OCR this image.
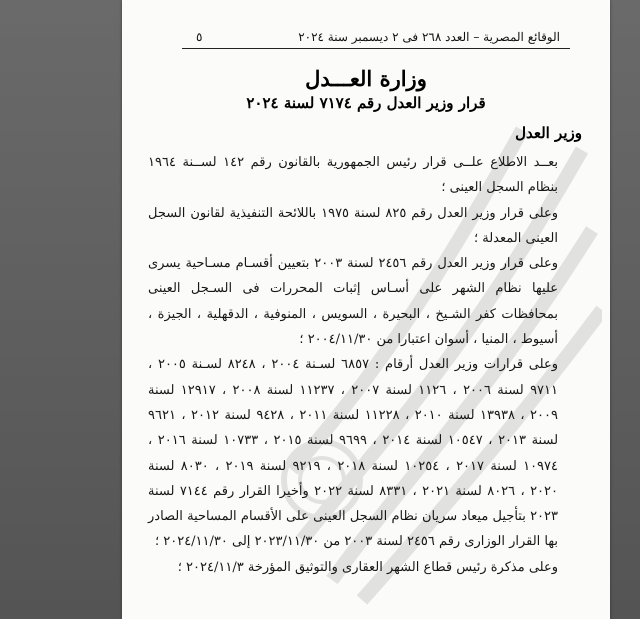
٥	الوقائع المصرية – العدد ٢٦٨ فى ٢ ديسمبر سنة ٢٠٢٤
وزارة العـــدل
قرار وزير العدل رقم ٧١٧٤ لسنة ٢٠٢٤
وزير العدل

بعــد الاطلاع علــى قرار رئيس الجمهورية بالقانون رقم ١٤٢ لســنة ١٩٦٤ بنظام السجل العينى ؛

وعلى قرار وزير العدل رقم ٨٢٥ لسنة ١٩٧٥ باللائحة التنفيذية لقانون السجل العينى المعدلة ؛

وعلى قرار وزير العدل رقم ٢٤٥٦ لسنة ٢٠٠٣ بتعيين أقسـام مسـاحية يسرى عليها نظام الشهر على أسـاس إثبات المحررات فى السـجل العينى بمحافظات كفر الشـيخ ، البحيرة ، السويس ، المنوفية ، الدقهلية ، الجيزة ، أسيوط ، المنيا ، أسوان اعتبارا من ٢٠٠٤/١١/٣٠ ؛

وعلى قرارات وزير العدل أرقام : ٦٨٥٧ لسـنة ٢٠٠٤ ، ٨٢٤٨ لسـنة ٢٠٠٥ ، ٩٧١١ لسنة ٢٠٠٦ ، ١١٢٦ لسنة ٢٠٠٧ ، ١١٢٣٧ لسنة ٢٠٠٨ ، ١٢٩١٧ لسنة ٢٠٠٩ ، ١٣٩٣٨ لسنة ٢٠١٠ ، ١١٢٢٨ لسنة ٢٠١١ ، ٩٤٢٨ لسنة ٢٠١٢ ، ٩٦٢١ لسنة ٢٠١٣ ، ١٠٥٤٧ لسنة ٢٠١٤ ، ٩٦٩٩ لسنة ٢٠١٥ ، ١٠٧٣٣ لسنة ٢٠١٦ ، ١٠٩٧٤ لسنة ٢٠١٧ ، ١٠٢٥٤ لسنة ٢٠١٨ ، ٩٢١٩ لسنة ٢٠١٩ ، ٨٠٣٠ لسنة ٢٠٢٠ ، ٨٠٢٦ لسنة ٢٠٢١ ، ٨٣٣١ لسنة ٢٠٢٢ وأخيرا القرار رقم ٧١٤٤ لسنة ٢٠٢٣ بتأجيل ميعاد سريان نظام السجل العينى على الأقسام المساحية الصادر بها القرار الوزارى رقم ٢٤٥٦ لسنة ٢٠٠٣ من ٢٠٢٣/١١/٣٠ إلى ٢٠٢٤/١١/٣٠ ؛

وعلى مذكرة رئيس قطاع الشهر العقارى والتوثيق المؤرخة ٢٠٢٤/١١/٣ ؛
